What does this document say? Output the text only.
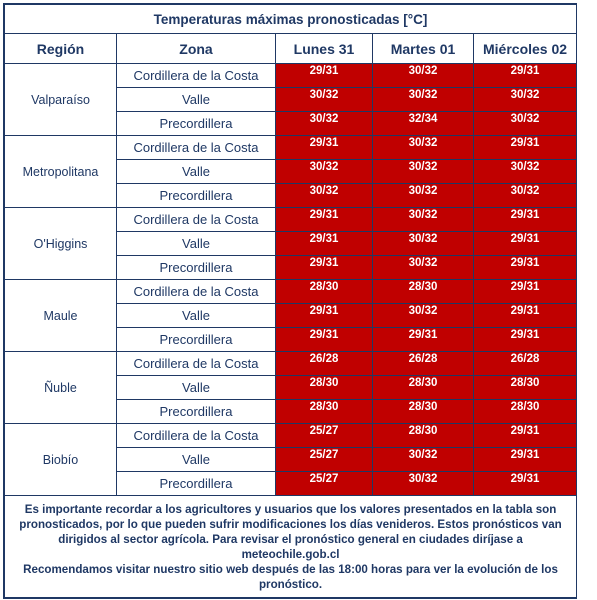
Temperaturas máximas pronosticadas [°C]				
Región	Zona	Lunes 31	Martes 01	Miércoles 02
Valparaíso	Cordillera de la Costa	29/31	30/32	29/31
	Valle	30/32	30/32	30/32
	Precordillera	30/32	32/34	30/32
Metropolitana	Cordillera de la Costa	29/31	30/32	29/31
	Valle	30/32	30/32	30/32
	Precordillera	30/32	30/32	30/32
O'Higgins	Cordillera de la Costa	29/31	30/32	29/31
	Valle	29/31	30/32	29/31
	Precordillera	29/31	30/32	29/31
Maule	Cordillera de la Costa	28/30	28/30	29/31
	Valle	29/31	30/32	29/31
	Precordillera	29/31	29/31	29/31
Ñuble	Cordillera de la Costa	26/28	26/28	26/28
	Valle	28/30	28/30	28/30
	Precordillera	28/30	28/30	28/30
Biobío	Cordillera de la Costa	25/27	28/30	29/31
	Valle	25/27	30/32	29/31
	Precordillera	25/27	30/32	29/31

Es importante recordar a los agricultores y usuarios que los valores presentados en la tabla son pronosticados, por lo que pueden sufrir modificaciones los días venideros. Estos pronósticos van dirigidos al sector agrícola. Para revisar el pronóstico general en ciudades diríjase a meteochile.gob.cl

Recomendamos visitar nuestro sitio web después de las 18:00 horas para ver la evolución de los pronóstico.				
